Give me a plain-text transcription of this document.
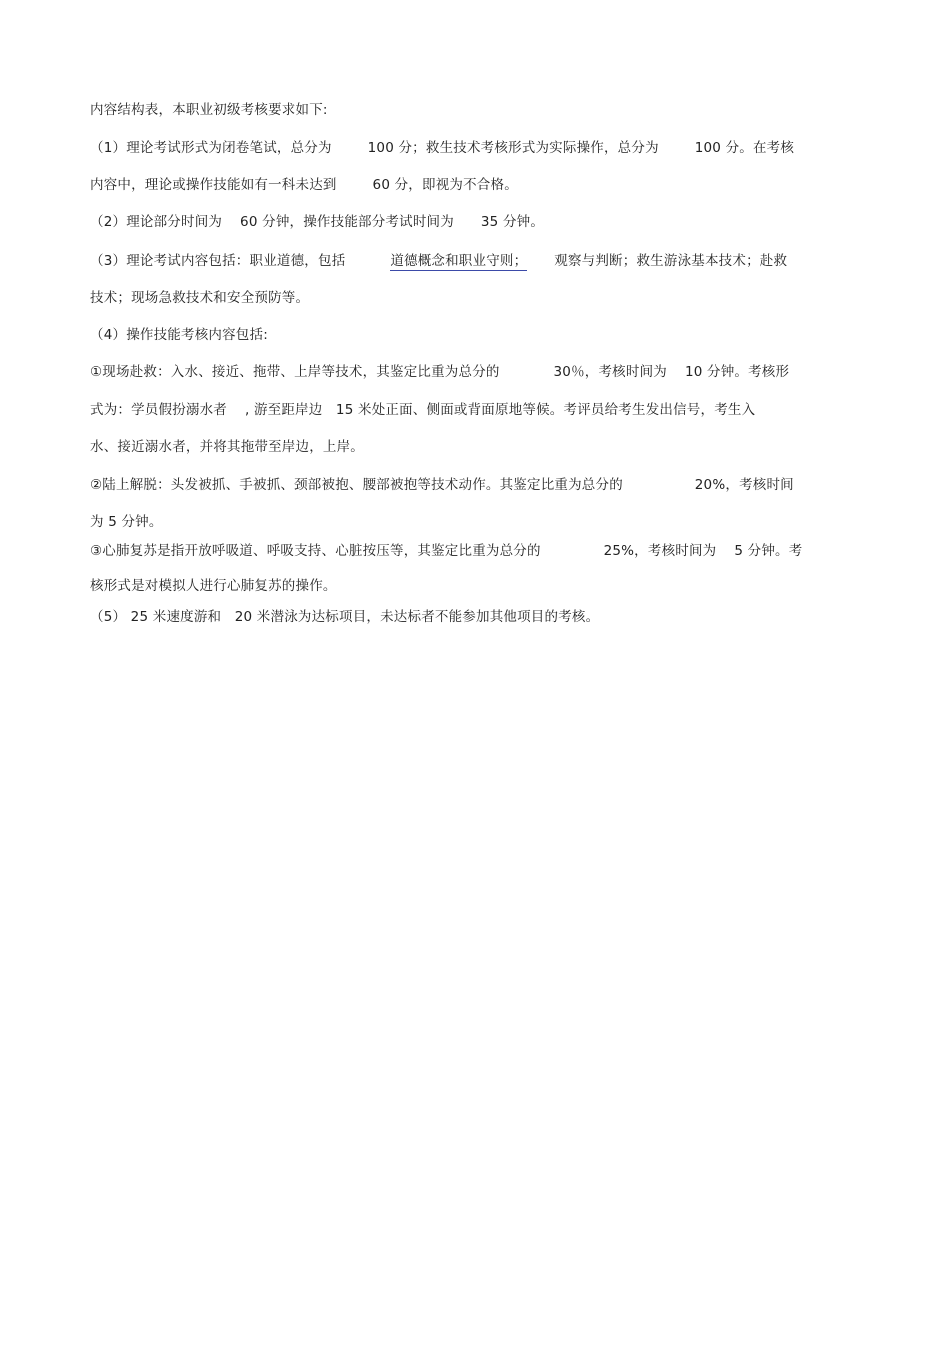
内容结构表，本职业初级考核要求如下:
（1）理论考试形式为闭卷笔试，总分为        100 分；救生技术考核形式为实际操作，总分为        100 分。在考核
内容中，理论或操作技能如有一科未达到        60 分，即视为不合格。
（2）理论部分时间为    60 分钟，操作技能部分考试时间为      35 分钟。
（3）理论考试内容包括：职业道德，包括	道德概念和职业守则； 观察与判断；救生游泳基本技术；赴救
技术；现场急救技术和安全预防等。
（4）操作技能考核内容包括:
①现场赴救：入水、接近、拖带、上岸等技术，其鉴定比重为总分的            30％，考核时间为    10 分钟。考核形
式为：学员假扮溺水者    , 游至距岸边   15 米处正面、侧面或背面原地等候。考评员给考生发出信号，考生入
水、接近溺水者，并将其拖带至岸边，上岸。
②陆上解脱：头发被抓、手被抓、颈部被抱、腰部被抱等技术动作。其鉴定比重为总分的                20%，考核时间
为 5 分钟。
③心肺复苏是指开放呼吸道、呼吸支持、心脏按压等，其鉴定比重为总分的              25%，考核时间为    5 分钟。考
核形式是对模拟人进行心肺复苏的操作。
（5） 25 米速度游和   20 米潜泳为达标项目，未达标者不能参加其他项目的考核。
